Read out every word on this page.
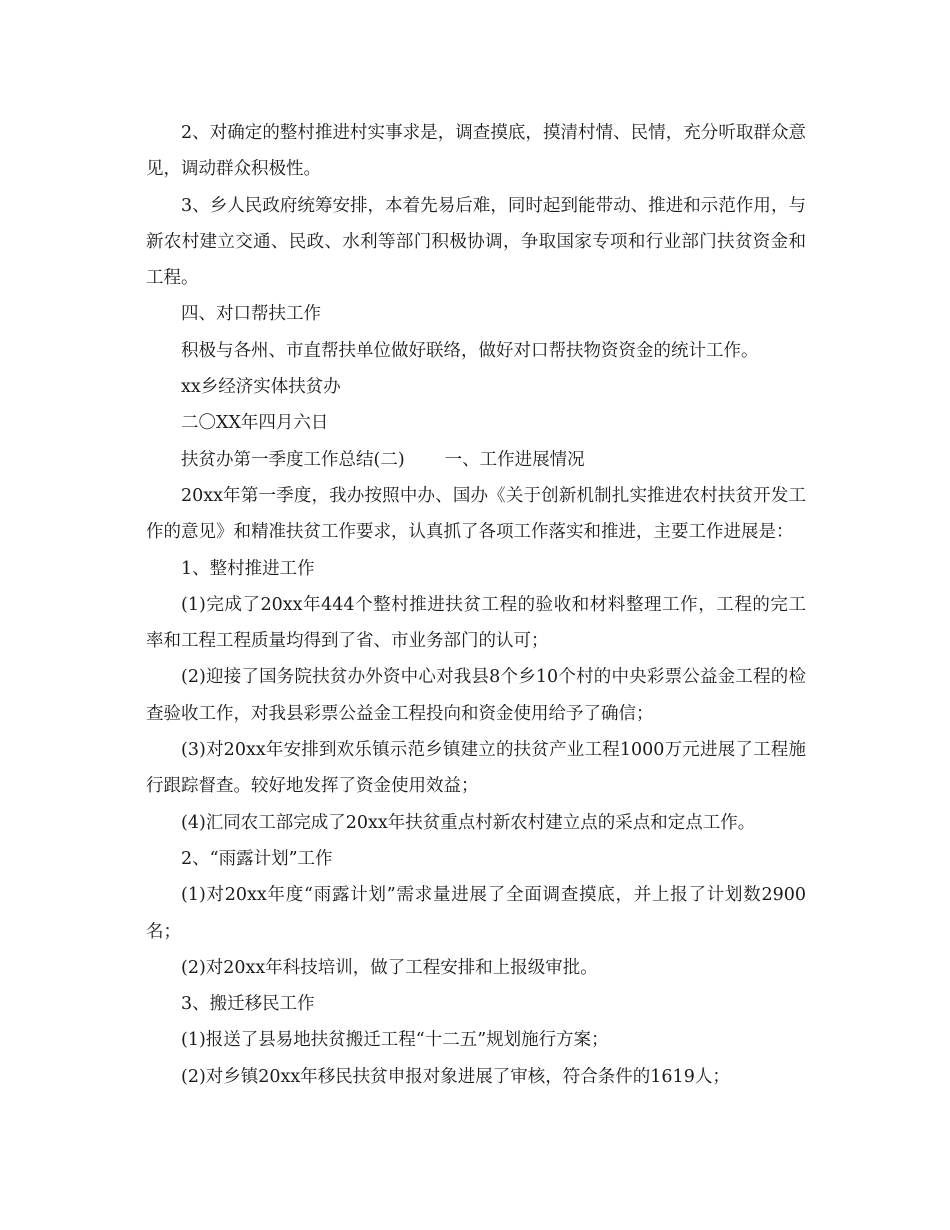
2、对确定的整村推进村实事求是，调查摸底，摸清村情、民情，充分听取群众意见，调动群众积极性。

3、乡人民政府统筹安排，本着先易后难，同时起到能带动、推进和示范作用，与新农村建立交通、民政、水利等部门积极协调，争取国家专项和行业部门扶贫资金和工程。

四、对口帮扶工作

积极与各州、市直帮扶单位做好联络，做好对口帮扶物资资金的统计工作。

xx乡经济实体扶贫办

二〇XX年四月六日

扶贫办第一季度工作总结(二) 一、工作进展情况

20xx年第一季度，我办按照中办、国办《关于创新机制扎实推进农村扶贫开发工作的意见》和精准扶贫工作要求，认真抓了各项工作落实和推进，主要工作进展是：

1、整村推进工作

(1)完成了20xx年444个整村推进扶贫工程的验收和材料整理工作，工程的完工率和工程工程质量均得到了省、市业务部门的认可；

(2)迎接了国务院扶贫办外资中心对我县8个乡10个村的中央彩票公益金工程的检查验收工作，对我县彩票公益金工程投向和资金使用给予了确信；

(3)对20xx年安排到欢乐镇示范乡镇建立的扶贫产业工程1000万元进展了工程施行跟踪督查。较好地发挥了资金使用效益；

(4)汇同农工部完成了20xx年扶贫重点村新农村建立点的采点和定点工作。

2、“雨露计划”工作

(1)对20xx年度“雨露计划”需求量进展了全面调查摸底，并上报了计划数2900名；

(2)对20xx年科技培训，做了工程安排和上报级审批。

3、搬迁移民工作

(1)报送了县易地扶贫搬迁工程“十二五”规划施行方案；

(2)对乡镇20xx年移民扶贫申报对象进展了审核，符合条件的1619人；
